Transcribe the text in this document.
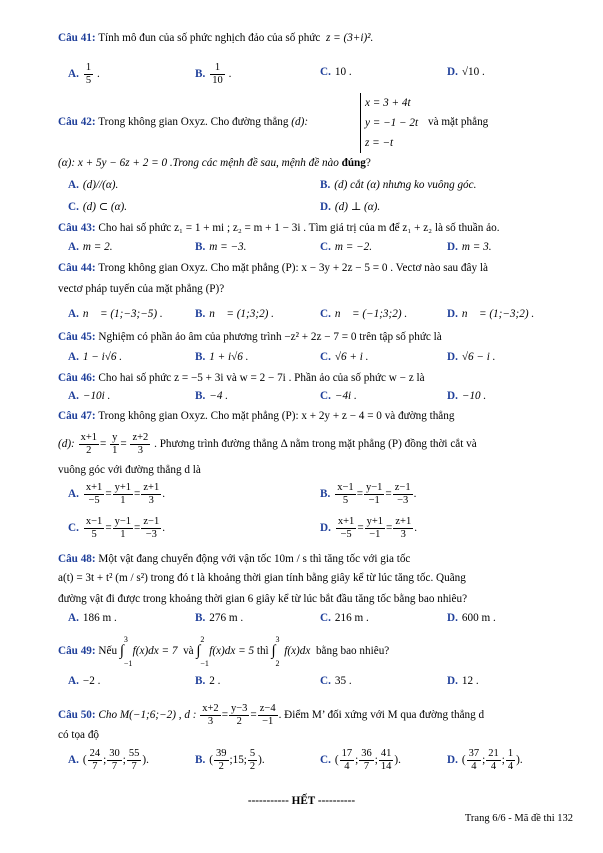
Câu 41: Tính mô đun của số phức nghịch đảo của số phức z = (3+i)².
A. $\frac{1}{5}$ .	B. $\frac{1}{10}$ .	C. 10 .	D. √10 .
Câu 42: Trong không gian Oxyz. Cho đường thẳng (d):
x = 3 + 4t
y = −1 − 2t
z = −t
và mặt phẳng
(α): x + 5y − 6z + 2 = 0 .Trong các mệnh đề sau, mệnh đề nào đúng?
A. (d)//(α).	B. (d) cắt (α) nhưng ko vuông góc.
C. (d) ⊂ (α).	D. (d) ⊥ (α).
Câu 43: Cho hai số phức z₁ = 1 + mi ; z₂ = m + 1 − 3i . Tìm giá trị của m để z₁ + z₂ là số thuần ảo.
A. m = 2.	B. m = −3.	C. m = −2.	D. m = 3.
Câu 44: Trong không gian Oxyz. Cho mặt phẳng (P): x − 3y + 2z − 5 = 0 . Vectơ nào sau đây là
vectơ pháp tuyến của mặt phẳng (P)?
A. n⃗ = (1;−3;−5) .	B. n⃗ = (1;3;2) .	C. n⃗ = (−1;3;2) .	D. n⃗ = (1;−3;2) .
Câu 45: Nghiệm có phần ảo âm của phương trình −z² + 2z − 7 = 0 trên tập số phức là
A. 1 − i√6 .	B. 1 + i√6 .	C. √6 + i .	D. √6 − i .
Câu 46: Cho hai số phức z = −5 + 3i và w = 2 − 7i . Phần ảo của số phức w − z là
A. −10i .	B. −4 .	C. −4i .	D. −10 .
Câu 47: Trong không gian Oxyz. Cho mặt phẳng (P): x + 2y + z − 4 = 0 và đường thẳng
(d): $\frac{x+1}{2} = \frac{y}{1} = \frac{z+2}{3}$ . Phương trình đường thẳng Δ nằm trong mặt phẳng (P) đồng thời cắt và
vuông góc với đường thẳng d là
A. $\frac{x+1}{-5} = \frac{y+1}{1} = \frac{z+1}{3}$ .	B. $\frac{x-1}{5} = \frac{y-1}{-1} = \frac{z-1}{-3}$ .
C. $\frac{x-1}{5} = \frac{y-1}{1} = \frac{z-1}{-3}$ .	D. $\frac{x+1}{-5} = \frac{y+1}{-1} = \frac{z+1}{3}$ .
Câu 48: Một vật đang chuyển động với vận tốc 10m / s thì tăng tốc với gia tốc
a(t) = 3t + t² (m / s²) trong đó t là khoảng thời gian tính bằng giây kể từ lúc tăng tốc. Quãng
đường vật đi được trong khoảng thời gian 6 giây kể từ lúc bắt đầu tăng tốc bằng bao nhiêu?
A. 186 m .	B. 276 m .	C. 216 m .	D. 600 m .
Câu 49: Nếu ∫
3
−1
f(x)dx = 7 và ∫
2
−1
f(x)dx = 5 thì ∫
3
2
f(x)dx bằng bao nhiêu?
A. −2 .	B. 2 .	C. 35 .	D. 12 .
Câu 50: Cho M(−1;6;−2) , d : $\frac{x+2}{3} = \frac{y-3}{2} = \frac{z-4}{-1}$ . Điểm M’ đối xứng với M qua đường thẳng d
có tọa độ
A. ( $\frac{24}{7}$ ; $\frac{30}{7}$ ; $\frac{55}{7}$ ).	B. ( $\frac{39}{2}$ ;15; $\frac{5}{2}$ ).	C. ( $\frac{17}{4}$ ; $\frac{36}{7}$ ; $\frac{41}{14}$ ).	D. ( $\frac{37}{4}$ ; $\frac{21}{4}$ ; $\frac{1}{4}$ ).
----------- HẾT ----------
Trang 6/6 - Mã đề thi 132
